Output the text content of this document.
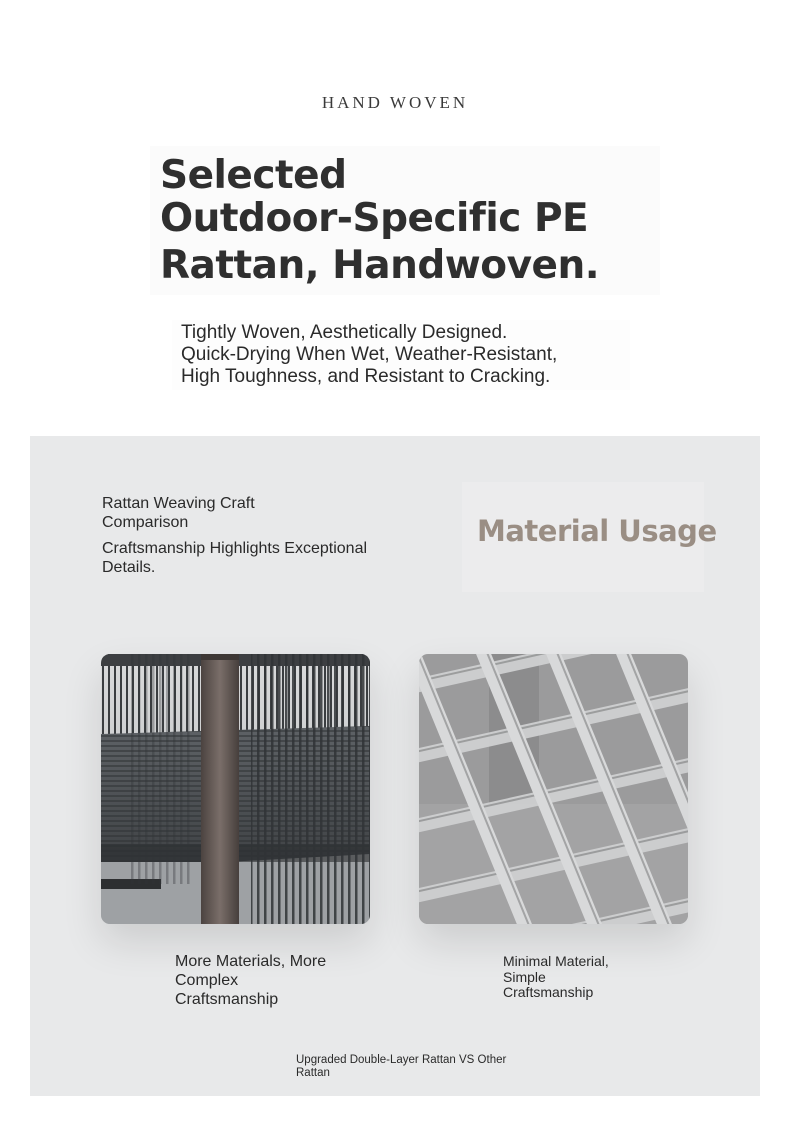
HAND WOVEN
Selected
Outdoor-Specific PE

Rattan, Handwoven.
Tightly Woven, Aesthetically Designed.
Quick-Drying When Wet, Weather-Resistant,
High Toughness, and Resistant to Cracking.
Rattan Weaving Craft Comparison
Craftsmanship Highlights Exceptional Details.
Material Usage
More Materials, More Complex Craftsmanship
Minimal Material, Simple Craftsmanship
Upgraded Double-Layer Rattan VS Other Rattan
